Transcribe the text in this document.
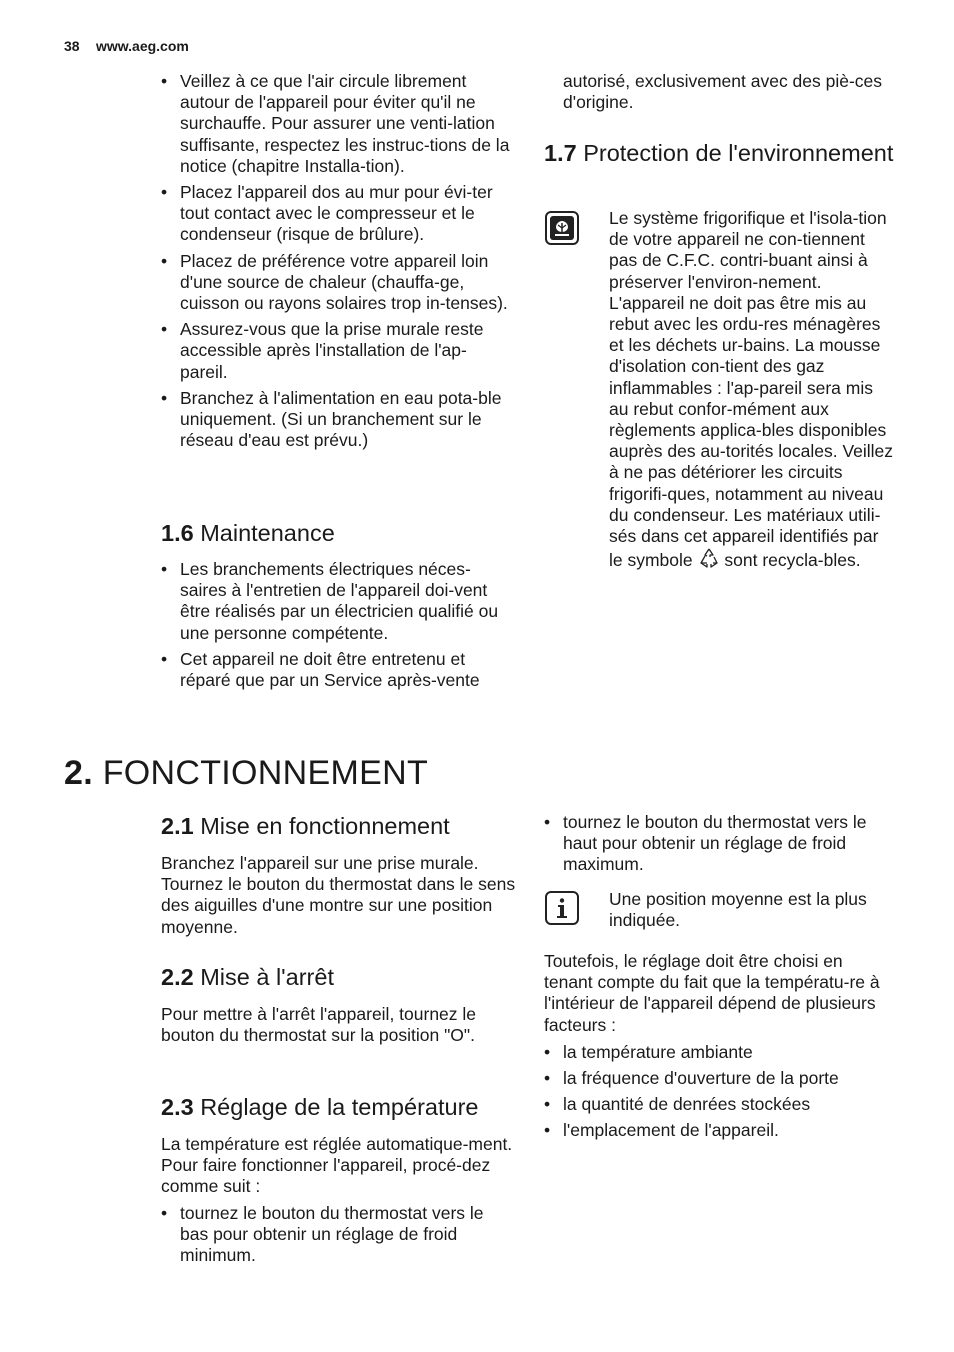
38 www.aeg.com
• Veillez à ce que l'air circule librement autour de l'appareil pour éviter qu'il ne surchauffe. Pour assurer une venti-lation suffisante, respectez les instruc-tions de la notice (chapitre Installa-tion).
• Placez l'appareil dos au mur pour évi-ter tout contact avec le compresseur et le condenseur (risque de brûlure).
• Placez de préférence votre appareil loin d'une source de chaleur (chauffa-ge, cuisson ou rayons solaires trop in-tenses).
• Assurez-vous que la prise murale reste accessible après l'installation de l'ap-pareil.
• Branchez à l'alimentation en eau pota-ble uniquement. (Si un branchement sur le réseau d'eau est prévu.)
1.6 Maintenance
• Les branchements électriques néces-saires à l'entretien de l'appareil doi-vent être réalisés par un électricien qualifié ou une personne compétente.
• Cet appareil ne doit être entretenu et réparé que par un Service après-vente
autorisé, exclusivement avec des piè-ces d'origine.
1.7 Protection de l'environnement

Le système frigorifique et l'isola-tion de votre appareil ne con-tiennent pas de C.F.C. contri-buant ainsi à préserver l'environ-nement. L'appareil ne doit pas être mis au rebut avec les ordu-res ménagères et les déchets ur-bains. La mousse d'isolation con-tient des gaz inflammables : l'ap-pareil sera mis au rebut confor-mément aux règlements applica-bles disponibles auprès des au-torités locales. Veillez à ne pas détériorer les circuits frigorifi-ques, notamment au niveau du condenseur. Les matériaux utili-sés dans cet appareil identifiés par le symbole sont recycla-bles.

2. FONCTIONNEMENT
2.1 Mise en fonctionnement

Branchez l'appareil sur une prise murale. Tournez le bouton du thermostat dans le sens des aiguilles d'une montre sur une position moyenne.

2.2 Mise à l'arrêt

Pour mettre à l'arrêt l'appareil, tournez le bouton du thermostat sur la position "O".

2.3 Réglage de la température

La température est réglée automatique-ment.

Pour faire fonctionner l'appareil, procé-dez comme suit :

• tournez le bouton du thermostat vers le bas pour obtenir un réglage de froid minimum.
• tournez le bouton du thermostat vers le haut pour obtenir un réglage de froid maximum.
Une position moyenne est la plus indiquée.

Toutefois, le réglage doit être choisi en tenant compte du fait que la températu-re à l'intérieur de l'appareil dépend de plusieurs facteurs :

• la température ambiante
• la fréquence d'ouverture de la porte
• la quantité de denrées stockées
• l'emplacement de l'appareil.
